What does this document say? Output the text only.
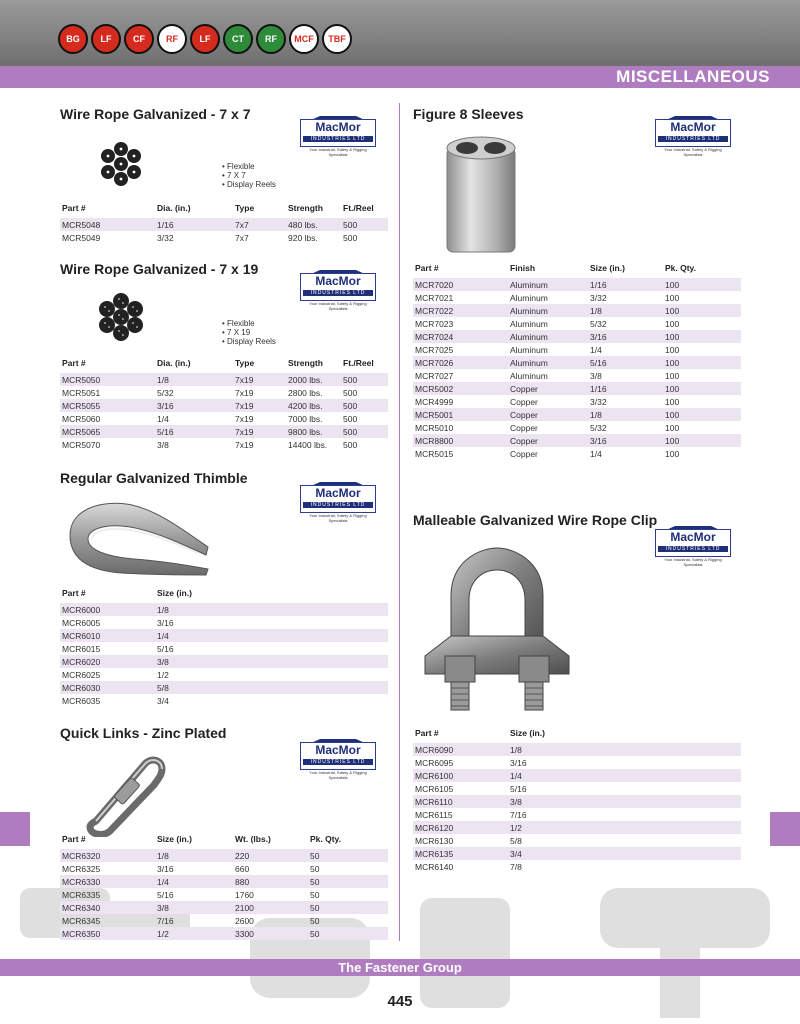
BG	LF	CF	RF	LF	CT	RF	MCF	TBF
MISCELLANEOUS
Wire Rope Galvanized - 7 x 7
MacMor
INDUSTRIES LTD
Your Industrial, Safety & Rigging Specialists
• Flexible
• 7 X 7
• Display Reels
Part #	Dia. (in.)	Type	Strength	Ft./Reel
MCR5048	1/16	7x7	480 lbs.	500
MCR5049	3/32	7x7	920 lbs.	500
Wire Rope Galvanized - 7 x 19
MacMor
INDUSTRIES LTD
Your Industrial, Safety & Rigging Specialists
• Flexible
• 7 X 19
• Display Reels
Part #	Dia. (in.)	Type	Strength	Ft./Reel
MCR5050	1/8	7x19	2000 lbs.	500
MCR5051	5/32	7x19	2800 lbs.	500
MCR5055	3/16	7x19	4200 lbs.	500
MCR5060	1/4	7x19	7000 lbs.	500
MCR5065	5/16	7x19	9800 lbs.	500
MCR5070	3/8	7x19	14400 lbs.	500
Regular Galvanized Thimble
MacMor
INDUSTRIES LTD
Your Industrial, Safety & Rigging Specialists
Part #	Size (in.)
MCR6000	1/8
MCR6005	3/16
MCR6010	1/4
MCR6015	5/16
MCR6020	3/8
MCR6025	1/2
MCR6030	5/8
MCR6035	3/4
Quick Links - Zinc Plated
MacMor
INDUSTRIES LTD
Your Industrial, Safety & Rigging Specialists
Part #	Size (in.)	Wt. (lbs.)	Pk. Qty.
MCR6320	1/8	220	50
MCR6325	3/16	660	50
MCR6330	1/4	880	50
MCR6335	5/16	1760	50
MCR6340	3/8	2100	50
MCR6345	7/16	2600	50
MCR6350	1/2	3300	50
Figure 8 Sleeves
MacMor
INDUSTRIES LTD
Your Industrial, Safety & Rigging Specialists
Part #	Finish	Size (in.)	Pk. Qty.
MCR7020	Aluminum	1/16	100
MCR7021	Aluminum	3/32	100
MCR7022	Aluminum	1/8	100
MCR7023	Aluminum	5/32	100
MCR7024	Aluminum	3/16	100
MCR7025	Aluminum	1/4	100
MCR7026	Aluminum	5/16	100
MCR7027	Aluminum	3/8	100
MCR5002	Copper	1/16	100
MCR4999	Copper	3/32	100
MCR5001	Copper	1/8	100
MCR5010	Copper	5/32	100
MCR8800	Copper	3/16	100
MCR5015	Copper	1/4	100
Malleable Galvanized Wire Rope Clip
MacMor
INDUSTRIES LTD
Your Industrial, Safety & Rigging Specialists
Part #	Size (in.)
MCR6090	1/8
MCR6095	3/16
MCR6100	1/4
MCR6105	5/16
MCR6110	3/8
MCR6115	7/16
MCR6120	1/2
MCR6130	5/8
MCR6135	3/4
MCR6140	7/8
The Fastener Group
445
